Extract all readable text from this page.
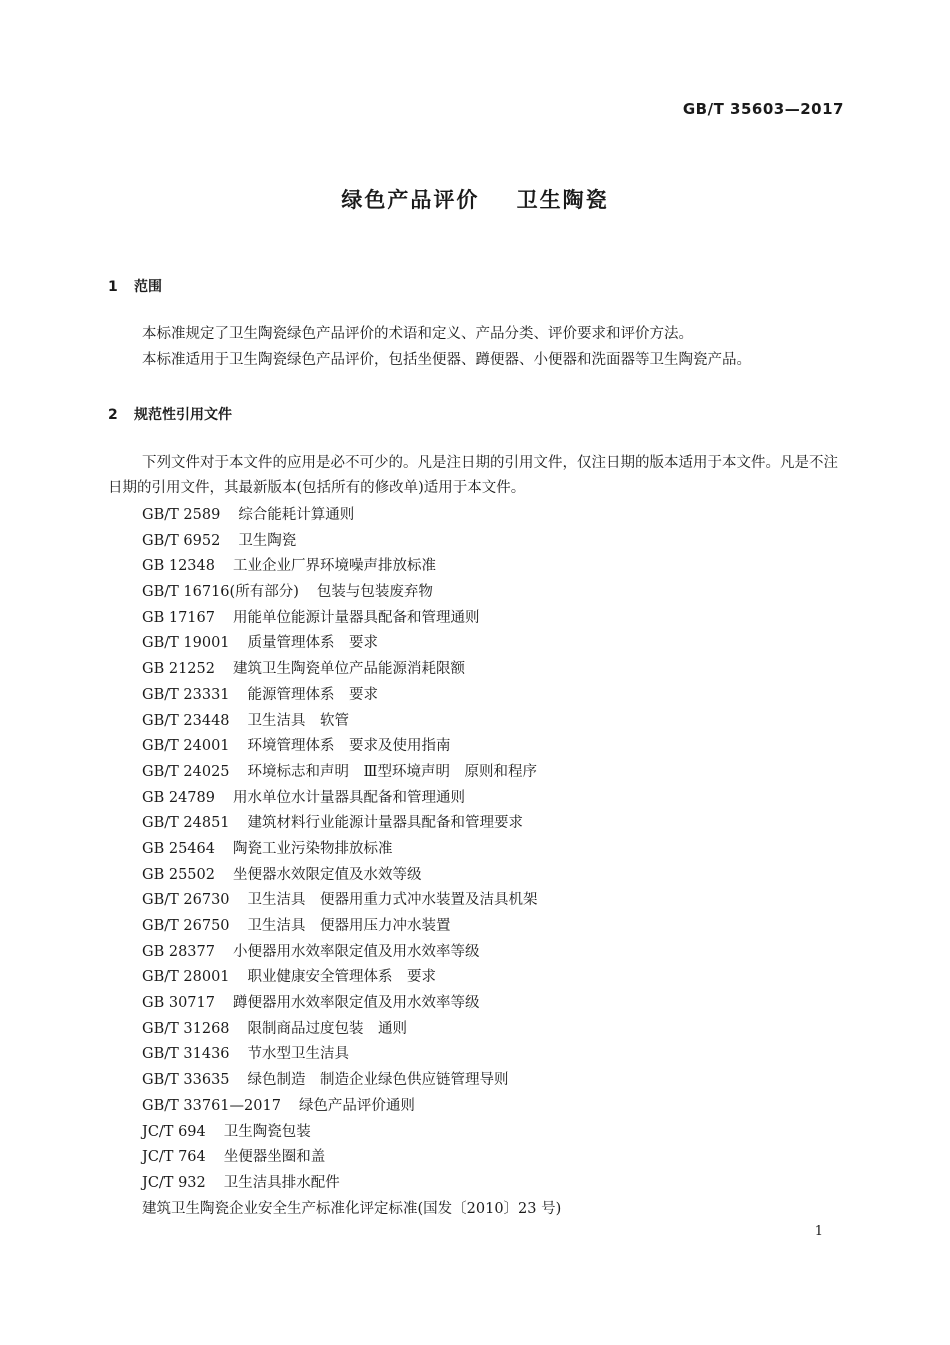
GB/T 35603—2017
绿色产品评价    卫生陶瓷
1 范围
本标准规定了卫生陶瓷绿色产品评价的术语和定义、产品分类、评价要求和评价方法。
本标准适用于卫生陶瓷绿色产品评价，包括坐便器、蹲便器、小便器和洗面器等卫生陶瓷产品。
2 规范性引用文件
下列文件对于本文件的应用是必不可少的。凡是注日期的引用文件，仅注日期的版本适用于本文件。凡是不注日期的引用文件，其最新版本(包括所有的修改单)适用于本文件。
GB/T 2589 综合能耗计算通则
GB/T 6952 卫生陶瓷
GB 12348 工业企业厂界环境噪声排放标准
GB/T 16716(所有部分) 包装与包装废弃物
GB 17167 用能单位能源计量器具配备和管理通则
GB/T 19001 质量管理体系　要求
GB 21252 建筑卫生陶瓷单位产品能源消耗限额
GB/T 23331 能源管理体系　要求
GB/T 23448 卫生洁具　软管
GB/T 24001 环境管理体系　要求及使用指南
GB/T 24025 环境标志和声明　Ⅲ型环境声明　原则和程序
GB 24789 用水单位水计量器具配备和管理通则
GB/T 24851 建筑材料行业能源计量器具配备和管理要求
GB 25464 陶瓷工业污染物排放标准
GB 25502 坐便器水效限定值及水效等级
GB/T 26730 卫生洁具　便器用重力式冲水装置及洁具机架
GB/T 26750 卫生洁具　便器用压力冲水装置
GB 28377 小便器用水效率限定值及用水效率等级
GB/T 28001 职业健康安全管理体系　要求
GB 30717 蹲便器用水效率限定值及用水效率等级
GB/T 31268 限制商品过度包装　通则
GB/T 31436 节水型卫生洁具
GB/T 33635 绿色制造　制造企业绿色供应链管理导则
GB/T 33761—2017 绿色产品评价通则
JC/T 694 卫生陶瓷包装
JC/T 764 坐便器坐圈和盖
JC/T 932 卫生洁具排水配件
建筑卫生陶瓷企业安全生产标准化评定标准(国发〔2010〕23 号)
1
